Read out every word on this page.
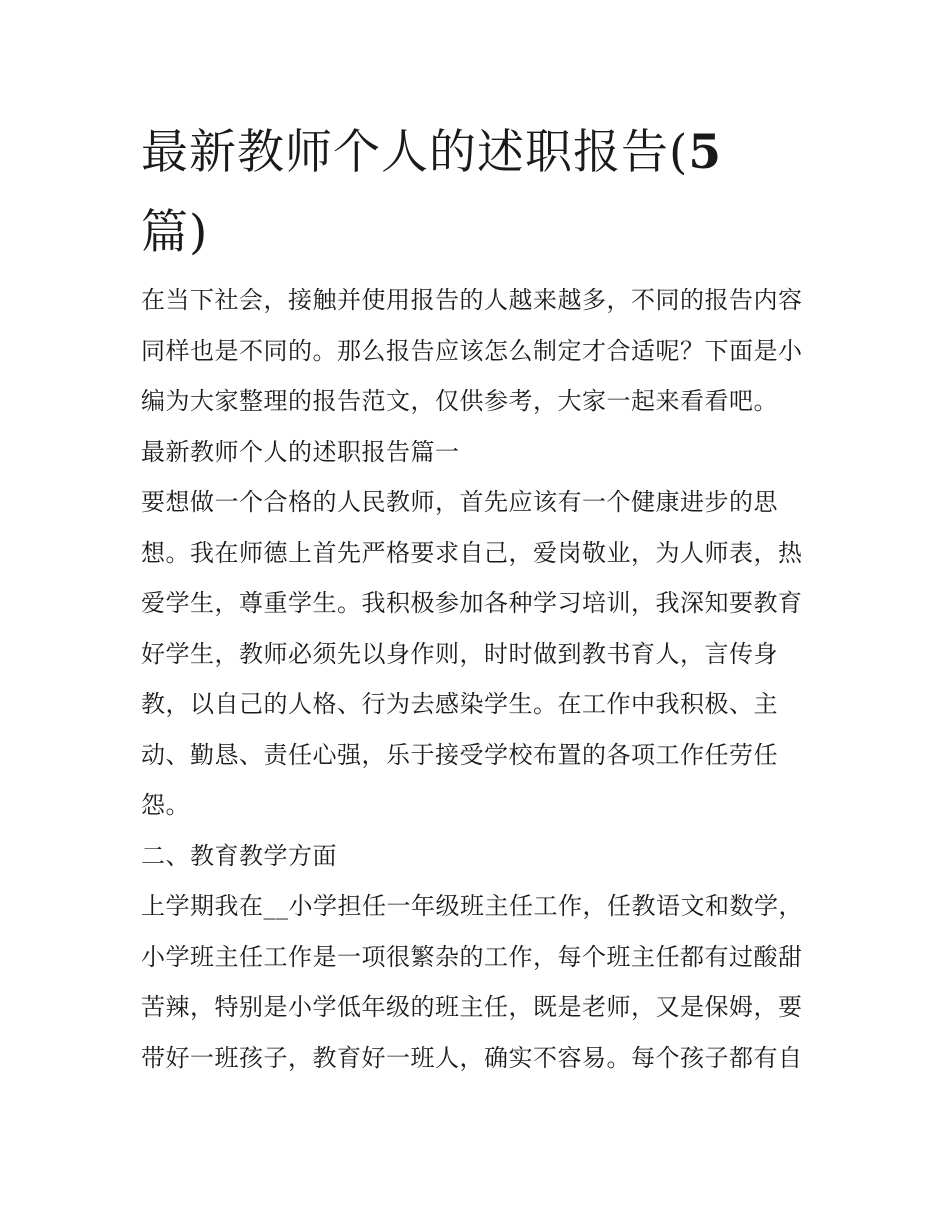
最新教师个人的述职报告(5
篇)

在当下社会，接触并使用报告的人越来越多，不同的报告内容
同样也是不同的。那么报告应该怎么制定才合适呢？下面是小
编为大家整理的报告范文，仅供参考，大家一起来看看吧。

最新教师个人的述职报告篇一

要想做一个合格的人民教师，首先应该有一个健康进步的思
想。我在师德上首先严格要求自己，爱岗敬业，为人师表，热
爱学生，尊重学生。我积极参加各种学习培训，我深知要教育
好学生，教师必须先以身作则，时时做到教书育人，言传身
教，以自己的人格、行为去感染学生。在工作中我积极、主
动、勤恳、责任心强，乐于接受学校布置的各项工作任劳任
怨。

二、教育教学方面

上学期我在__小学担任一年级班主任工作，任教语文和数学，
小学班主任工作是一项很繁杂的工作，每个班主任都有过酸甜
苦辣，特别是小学低年级的班主任，既是老师，又是保姆，要
带好一班孩子，教育好一班人，确实不容易。每个孩子都有自
